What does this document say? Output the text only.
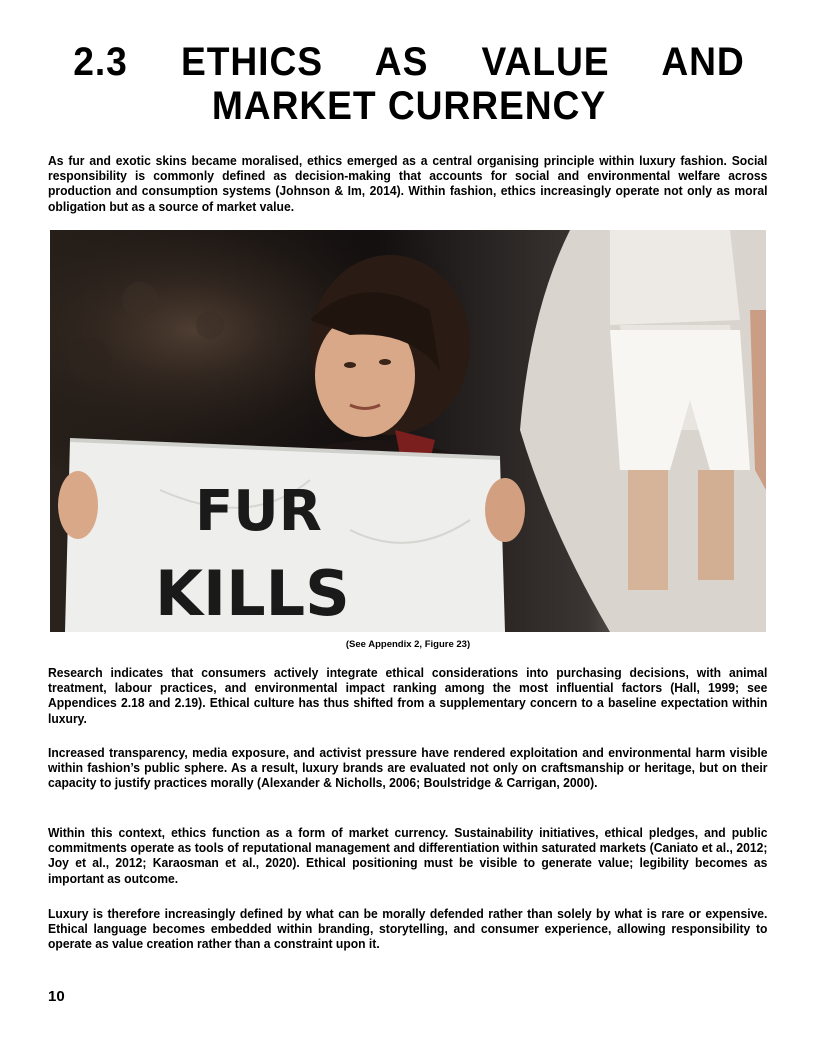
2.3 ETHICS AS VALUE AND MARKET CURRENCY
As fur and exotic skins became moralised, ethics emerged as a central organising principle within luxury fashion. Social responsibility is commonly defined as decision-making that accounts for social and environmental welfare across production and consumption systems (Johnson & Im, 2014). Within fashion, ethics increasingly operate not only as moral obligation but as a source of market value.
FUR
KILLS
(See Appendix 2, Figure 23)
Research indicates that consumers actively integrate ethical considerations into purchasing decisions, with animal treatment, labour practices, and environmental impact ranking among the most influential factors (Hall, 1999; see Appendices 2.18 and 2.19). Ethical culture has thus shifted from a supplementary concern to a baseline expectation within luxury.
Increased transparency, media exposure, and activist pressure have rendered exploitation and environmental harm visible within fashion’s public sphere. As a result, luxury brands are evaluated not only on craftsmanship or heritage, but on their capacity to justify practices morally (Alexander & Nicholls, 2006; Boulstridge & Carrigan, 2000).
Within this context, ethics function as a form of market currency. Sustainability initiatives, ethical pledges, and public commitments operate as tools of reputational management and differentiation within saturated markets (Caniato et al., 2012; Joy et al., 2012; Karaosman et al., 2020). Ethical positioning must be visible to generate value; legibility becomes as important as outcome.
Luxury is therefore increasingly defined by what can be morally defended rather than solely by what is rare or expensive. Ethical language becomes embedded within branding, storytelling, and consumer experience, allowing responsibility to operate as value creation rather than a constraint upon it.
10
